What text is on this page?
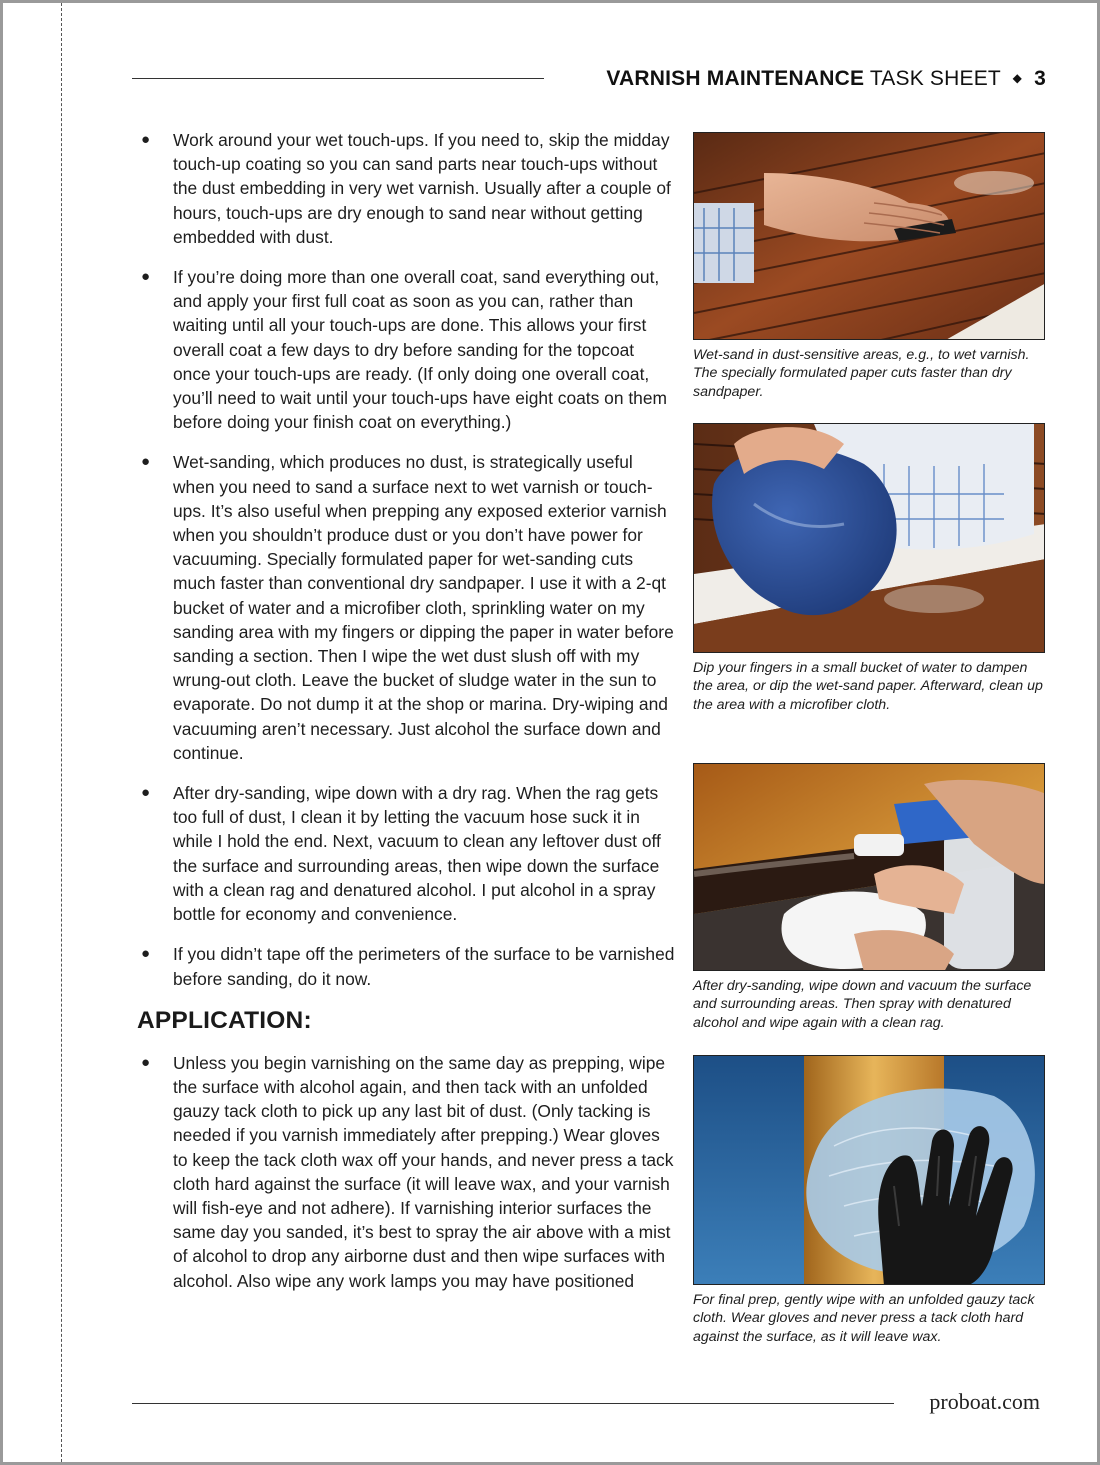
VARNISH MAINTENANCE TASK SHEET ◆ 3
● Work around your wet touch-ups. If you need to, skip the midday touch-up coating so you can sand parts near touch-ups without the dust embedding in very wet varnish. Usually after a couple of hours, touch-ups are dry enough to sand near without getting embedded with dust.
● If you’re doing more than one overall coat, sand everything out, and apply your first full coat as soon as you can, rather than waiting until all your touch-ups are done. This allows your first overall coat a few days to dry before sanding for the topcoat once your touch-ups are ready. (If only doing one overall coat, you’ll need to wait until your touch-ups have eight coats on them before doing your finish coat on everything.)
● Wet-sanding, which produces no dust, is strategically useful when you need to sand a surface next to wet varnish or touch-ups. It’s also useful when prepping any exposed exterior varnish when you shouldn’t produce dust or you don’t have power for vacuuming. Specially formulated paper for wet-sanding cuts much faster than conventional dry sandpaper. I use it with a 2-qt bucket of water and a microfiber cloth, sprinkling water on my sanding area with my fingers or dipping the paper in water before sanding a section. Then I wipe the wet dust slush off with my wrung-out cloth. Leave the bucket of sludge water in the sun to evaporate. Do not dump it at the shop or marina. Dry-wiping and vacuuming aren’t necessary. Just alcohol the surface down and continue.
● After dry-sanding, wipe down with a dry rag. When the rag gets too full of dust, I clean it by letting the vacuum hose suck it in while I hold the end. Next, vacuum to clean any leftover dust off the surface and surrounding areas, then wipe down the surface with a clean rag and denatured alcohol. I put alcohol in a spray bottle for economy and convenience.
● If you didn’t tape off the perimeters of the surface to be varnished before sanding, do it now.
APPLICATION:
● Unless you begin varnishing on the same day as prepping, wipe the surface with alcohol again, and then tack with an unfolded gauzy tack cloth to pick up any last bit of dust. (Only tacking is needed if you varnish immediately after prepping.) Wear gloves to keep the tack cloth wax off your hands, and never press a tack cloth hard against the surface (it will leave wax, and your varnish will fish-eye and not adhere). If varnishing interior surfaces the same day you sanded, it’s best to spray the air above with a mist of alcohol to drop any airborne dust and then wipe surfaces with alcohol. Also wipe any work lamps you may have positioned
Wet-sand in dust-sensitive areas, e.g., to wet varnish. The specially formulated paper cuts faster than dry sandpaper.
Dip your fingers in a small bucket of water to dampen the area, or dip the wet-sand paper. Afterward, clean up the area with a microfiber cloth.
After dry-sanding, wipe down and vacuum the surface and surrounding areas. Then spray with denatured alcohol and wipe again with a clean rag.
For final prep, gently wipe with an unfolded gauzy tack cloth. Wear gloves and never press a tack cloth hard against the surface, as it will leave wax.
proboat.com
